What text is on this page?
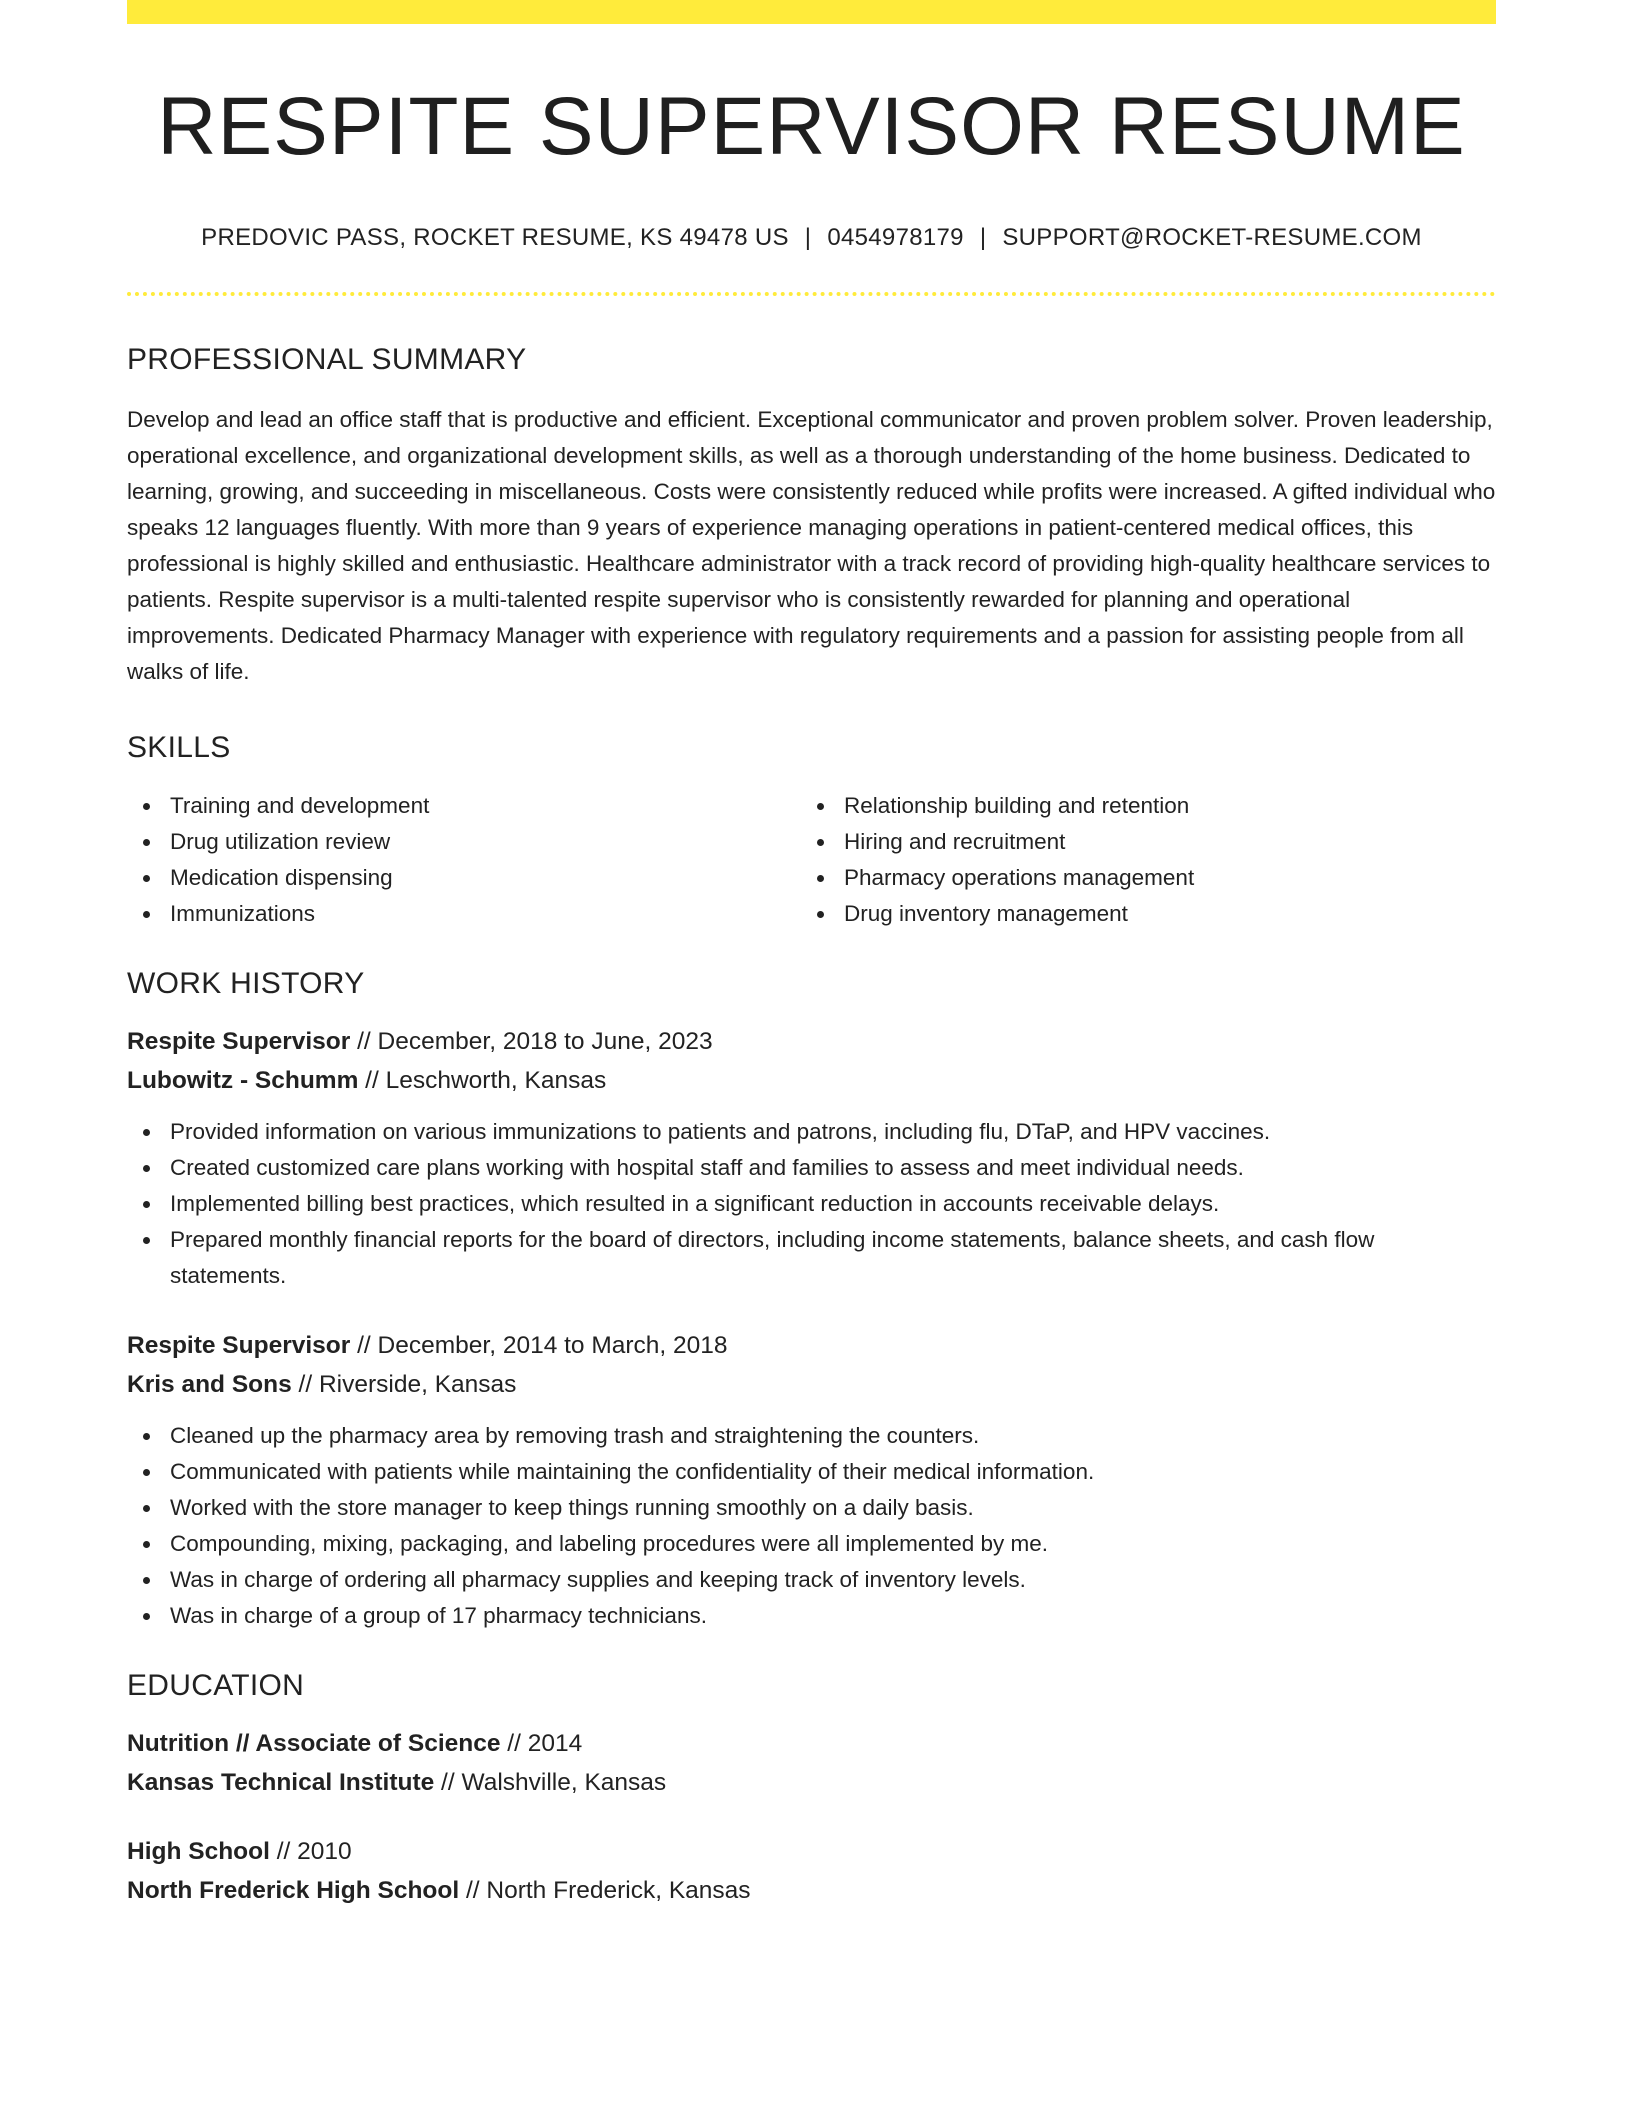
RESPITE SUPERVISOR RESUME
PREDOVIC PASS, ROCKET RESUME, KS 49478 US | 0454978179 | SUPPORT@ROCKET-RESUME.COM
PROFESSIONAL SUMMARY

Develop and lead an office staff that is productive and efficient. Exceptional communicator and proven problem solver. Proven leadership, operational excellence, and organizational development skills, as well as a thorough understanding of the home business. Dedicated to learning, growing, and succeeding in miscellaneous. Costs were consistently reduced while profits were increased. A gifted individual who speaks 12 languages fluently. With more than 9 years of experience managing operations in patient-centered medical offices, this professional is highly skilled and enthusiastic. Healthcare administrator with a track record of providing high-quality healthcare services to patients. Respite supervisor is a multi-talented respite supervisor who is consistently rewarded for planning and operational improvements. Dedicated Pharmacy Manager with experience with regulatory requirements and a passion for assisting people from all walks of life.

SKILLS
Training and development
Drug utilization review
Medication dispensing
Immunizations
Relationship building and retention
Hiring and recruitment
Pharmacy operations management
Drug inventory management
WORK HISTORY
Respite Supervisor // December, 2018 to June, 2023
Lubowitz - Schumm // Leschworth, Kansas
Provided information on various immunizations to patients and patrons, including flu, DTaP, and HPV vaccines.
Created customized care plans working with hospital staff and families to assess and meet individual needs.
Implemented billing best practices, which resulted in a significant reduction in accounts receivable delays.
Prepared monthly financial reports for the board of directors, including income statements, balance sheets, and cash flow statements.
Respite Supervisor // December, 2014 to March, 2018
Kris and Sons // Riverside, Kansas
Cleaned up the pharmacy area by removing trash and straightening the counters.
Communicated with patients while maintaining the confidentiality of their medical information.
Worked with the store manager to keep things running smoothly on a daily basis.
Compounding, mixing, packaging, and labeling procedures were all implemented by me.
Was in charge of ordering all pharmacy supplies and keeping track of inventory levels.
Was in charge of a group of 17 pharmacy technicians.
EDUCATION
Nutrition // Associate of Science // 2014
Kansas Technical Institute // Walshville, Kansas
High School // 2010
North Frederick High School // North Frederick, Kansas
